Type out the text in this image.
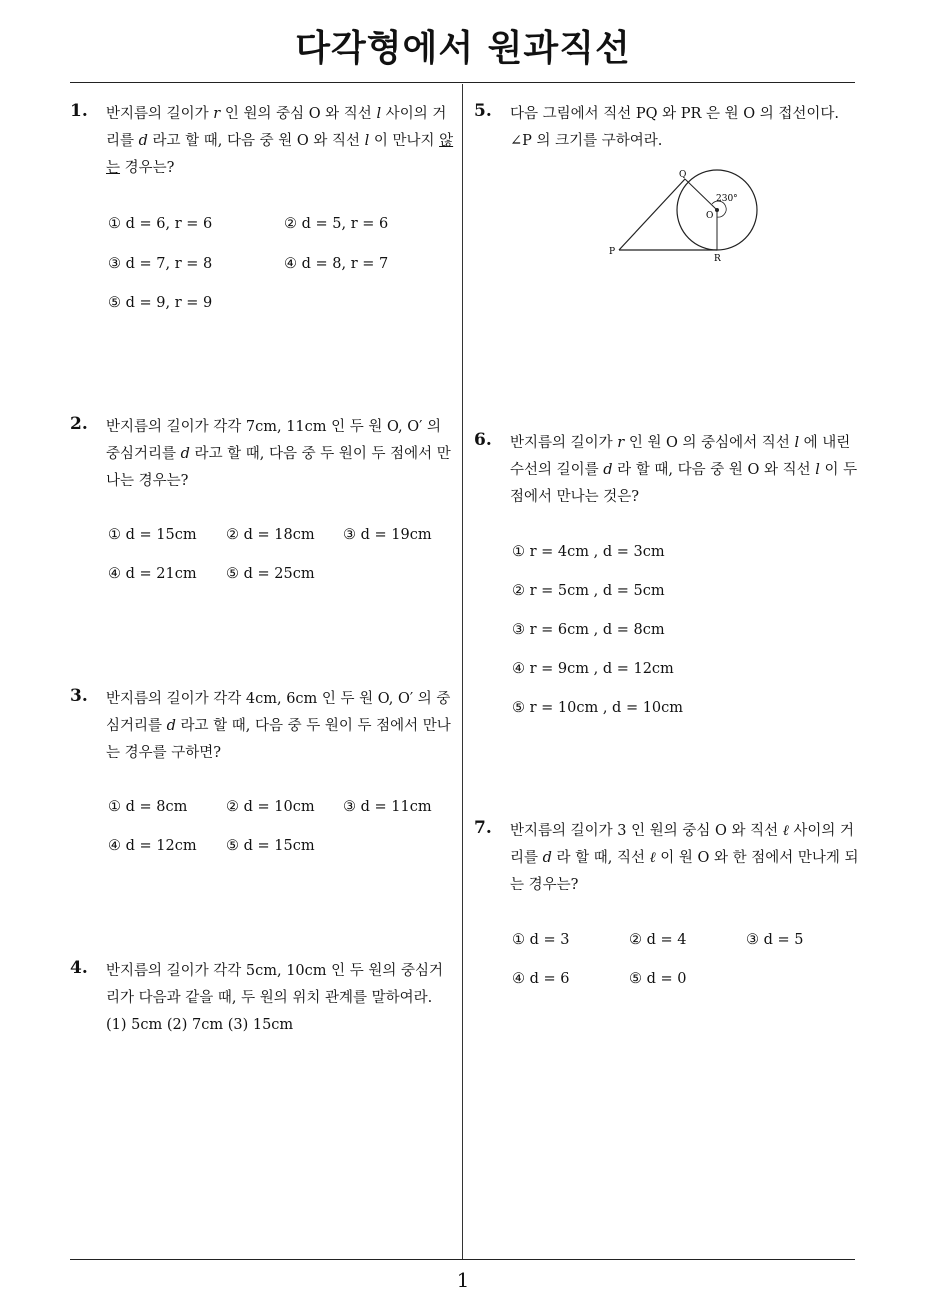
다각형에서 원과직선
1
1. 반지름의 길이가 r 인 원의 중심 O 와 직선 l 사이의 거리를 d 라고 할 때, 다음 중 원 O 와 직선 l 이 만나지 않는 경우는?
① d = 6, r = 6	② d = 5, r = 6
③ d = 7, r = 8	④ d = 8, r = 7
⑤ d = 9, r = 9
2. 반지름의 길이가 각각 7cm, 11cm 인 두 원 O, O′ 의 중심거리를 d 라고 할 때, 다음 중 두 원이 두 점에서 만나는 경우는?
① d = 15cm ② d = 18cm ③ d = 19cm
④ d = 21cm ⑤ d = 25cm
3. 반지름의 길이가 각각 4cm, 6cm 인 두 원 O, O′ 의 중심거리를 d 라고 할 때, 다음 중 두 원이 두 점에서 만나는 경우를 구하면?
① d = 8cm	② d = 10cm ③ d = 11cm
④ d = 12cm ⑤ d = 15cm
4. 반지름의 길이가 각각 5cm, 10cm 인 두 원의 중심거리가 다음과 같을 때, 두 원의 위치 관계를 말하여라.
(1) 5cm (2) 7cm (3) 15cm
5. 다음 그림에서 직선 PQ 와 PR 은 원 O 의 접선이다. ∠P 의 크기를 구하여라.
Q
O
P
R
230°
6. 반지름의 길이가 r 인 원 O 의 중심에서 직선 l 에 내린 수선의 길이를 d 라 할 때, 다음 중 원 O 와 직선 l 이 두 점에서 만나는 것은?
① r = 4cm , d = 3cm
② r = 5cm , d = 5cm
③ r = 6cm , d = 8cm
④ r = 9cm , d = 12cm
⑤ r = 10cm , d = 10cm
7. 반지름의 길이가 3 인 원의 중심 O 와 직선 ℓ 사이의 거리를 d 라 할 때, 직선 ℓ 이 원 O 와 한 점에서 만나게 되는 경우는?
① d = 3	② d = 4	③ d = 5
④ d = 6	⑤ d = 0
